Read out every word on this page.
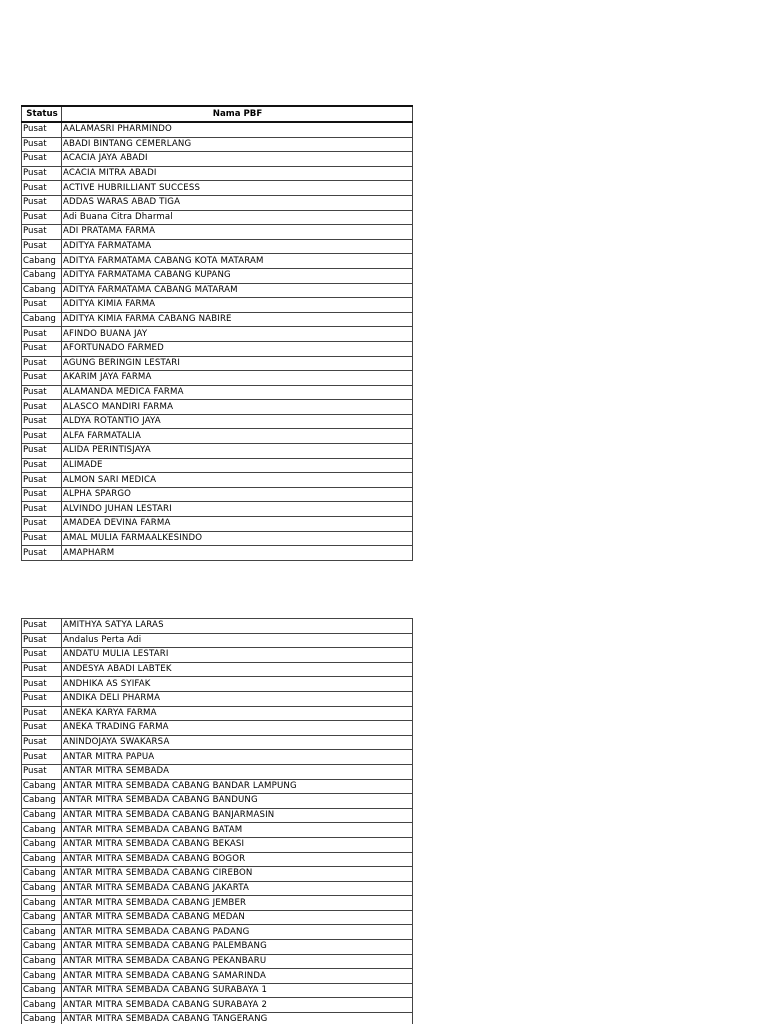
Status	Nama PBF
Pusat	AALAMASRI PHARMINDO
Pusat	ABADI BINTANG CEMERLANG
Pusat	ACACIA JAYA ABADI
Pusat	ACACIA MITRA ABADI
Pusat	ACTIVE HUBRILLIANT SUCCESS
Pusat	ADDAS WARAS ABAD TIGA
Pusat	Adi Buana Citra Dharmal
Pusat	ADI PRATAMA FARMA
Pusat	ADITYA FARMATAMA
Cabang	ADITYA FARMATAMA CABANG KOTA MATARAM
Cabang	ADITYA FARMATAMA CABANG KUPANG
Cabang	ADITYA FARMATAMA CABANG MATARAM
Pusat	ADITYA KIMIA FARMA
Cabang	ADITYA KIMIA FARMA CABANG NABIRE
Pusat	AFINDO BUANA JAY
Pusat	AFORTUNADO FARMED
Pusat	AGUNG BERINGIN LESTARI
Pusat	AKARIM JAYA FARMA
Pusat	ALAMANDA MEDICA FARMA
Pusat	ALASCO MANDIRI FARMA
Pusat	ALDYA ROTANTIO JAYA
Pusat	ALFA FARMATALIA
Pusat	ALIDA PERINTISJAYA
Pusat	ALIMADE
Pusat	ALMON SARI MEDICA
Pusat	ALPHA SPARGO
Pusat	ALVINDO JUHAN LESTARI
Pusat	AMADEA DEVINA FARMA
Pusat	AMAL MULIA FARMAALKESINDO
Pusat	AMAPHARM
Pusat	AMITHYA SATYA LARAS
Pusat	Andalus Perta Adi
Pusat	ANDATU MULIA LESTARI
Pusat	ANDESYA ABADI LABTEK
Pusat	ANDHIKA AS SYIFAK
Pusat	ANDIKA DELI PHARMA
Pusat	ANEKA KARYA FARMA
Pusat	ANEKA TRADING FARMA
Pusat	ANINDOJAYA SWAKARSA
Pusat	ANTAR MITRA PAPUA
Pusat	ANTAR MITRA SEMBADA
Cabang	ANTAR MITRA SEMBADA CABANG BANDAR LAMPUNG
Cabang	ANTAR MITRA SEMBADA CABANG BANDUNG
Cabang	ANTAR MITRA SEMBADA CABANG BANJARMASIN
Cabang	ANTAR MITRA SEMBADA CABANG BATAM
Cabang	ANTAR MITRA SEMBADA CABANG BEKASI
Cabang	ANTAR MITRA SEMBADA CABANG BOGOR
Cabang	ANTAR MITRA SEMBADA CABANG CIREBON
Cabang	ANTAR MITRA SEMBADA CABANG JAKARTA
Cabang	ANTAR MITRA SEMBADA CABANG JEMBER
Cabang	ANTAR MITRA SEMBADA CABANG MEDAN
Cabang	ANTAR MITRA SEMBADA CABANG PADANG
Cabang	ANTAR MITRA SEMBADA CABANG PALEMBANG
Cabang	ANTAR MITRA SEMBADA CABANG PEKANBARU
Cabang	ANTAR MITRA SEMBADA CABANG SAMARINDA
Cabang	ANTAR MITRA SEMBADA CABANG SURABAYA 1
Cabang	ANTAR MITRA SEMBADA CABANG SURABAYA 2
Cabang	ANTAR MITRA SEMBADA CABANG TANGERANG
